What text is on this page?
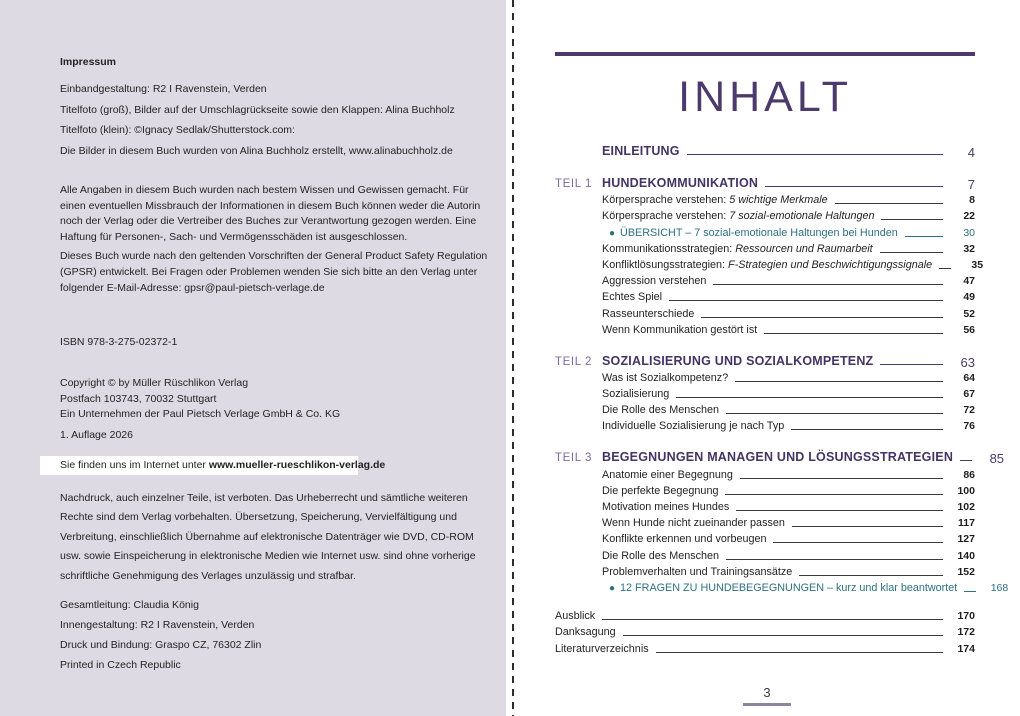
Impressum
Einbandgestaltung: R2 I Ravenstein, Verden
Titelfoto (groß), Bilder auf der Umschlagrückseite sowie den Klappen: Alina Buchholz
Titelfoto (klein): ©Ignacy Sedlak/Shutterstock.com:
Die Bilder in diesem Buch wurden von Alina Buchholz erstellt, www.alinabuchholz.de
Alle Angaben in diesem Buch wurden nach bestem Wissen und Gewissen gemacht. Für einen eventuellen Missbrauch der Informationen in diesem Buch können weder die Autorin noch der Verlag oder die Vertreiber des Buches zur Verantwortung gezogen werden. Eine Haftung für Personen-, Sach- und Vermögensschäden ist ausgeschlossen.
Dieses Buch wurde nach den geltenden Vorschriften der General Product Safety Regulation (GPSR) entwickelt. Bei Fragen oder Problemen wenden Sie sich bitte an den Verlag unter folgender E-Mail-Adresse: gpsr@paul-pietsch-verlage.de
ISBN 978-3-275-02372-1
Copyright © by Müller Rüschlikon Verlag
Postfach 103743, 70032 Stuttgart
Ein Unternehmen der Paul Pietsch Verlage GmbH & Co. KG
1. Auflage 2026
Sie finden uns im Internet unter www.mueller-rueschlikon-verlag.de
Nachdruck, auch einzelner Teile, ist verboten. Das Urheberrecht und sämtliche weiteren Rechte sind dem Verlag vorbehalten. Übersetzung, Speicherung, Vervielfältigung und Verbreitung, einschließlich Übernahme auf elektronische Datenträger wie DVD, CD-ROM usw. sowie Einspeicherung in elektronische Medien wie Internet usw. sind ohne vorherige schriftliche Genehmigung des Verlages unzulässig und strafbar.
Gesamtleitung: Claudia König
Innengestaltung: R2 I Ravenstein, Verden
Druck und Bindung: Graspo CZ, 76302 Zlin
Printed in Czech Republic
INHALT
EINLEITUNG	4
TEIL 1 HUNDEKOMMUNIKATION	7
Körpersprache verstehen: 5 wichtige Merkmale	8
Körpersprache verstehen: 7 sozial-emotionale Haltungen	22
● ÜBERSICHT – 7 sozial-emotionale Haltungen bei Hunden	30
Kommunikationsstrategien: Ressourcen und Raumarbeit	32
Konfliktlösungsstrategien: F-Strategien und Beschwichtigungssignale	35
Aggression verstehen	47
Echtes Spiel	49
Rasseunterschiede	52
Wenn Kommunikation gestört ist	56
TEIL 2 SOZIALISIERUNG UND SOZIALKOMPETENZ	63
Was ist Sozialkompetenz?	64
Sozialisierung	67
Die Rolle des Menschen	72
Individuelle Sozialisierung je nach Typ	76
TEIL 3 BEGEGNUNGEN MANAGEN UND LÖSUNGSSTRATEGIEN	85
Anatomie einer Begegnung	86
Die perfekte Begegnung	100
Motivation meines Hundes	102
Wenn Hunde nicht zueinander passen	117
Konflikte erkennen und vorbeugen	127
Die Rolle des Menschen	140
Problemverhalten und Trainingsansätze	152
● 12 FRAGEN ZU HUNDEBEGEGNUNGEN – kurz und klar beantwortet	168
Ausblick	170
Danksagung	172
Literaturverzeichnis	174
3
